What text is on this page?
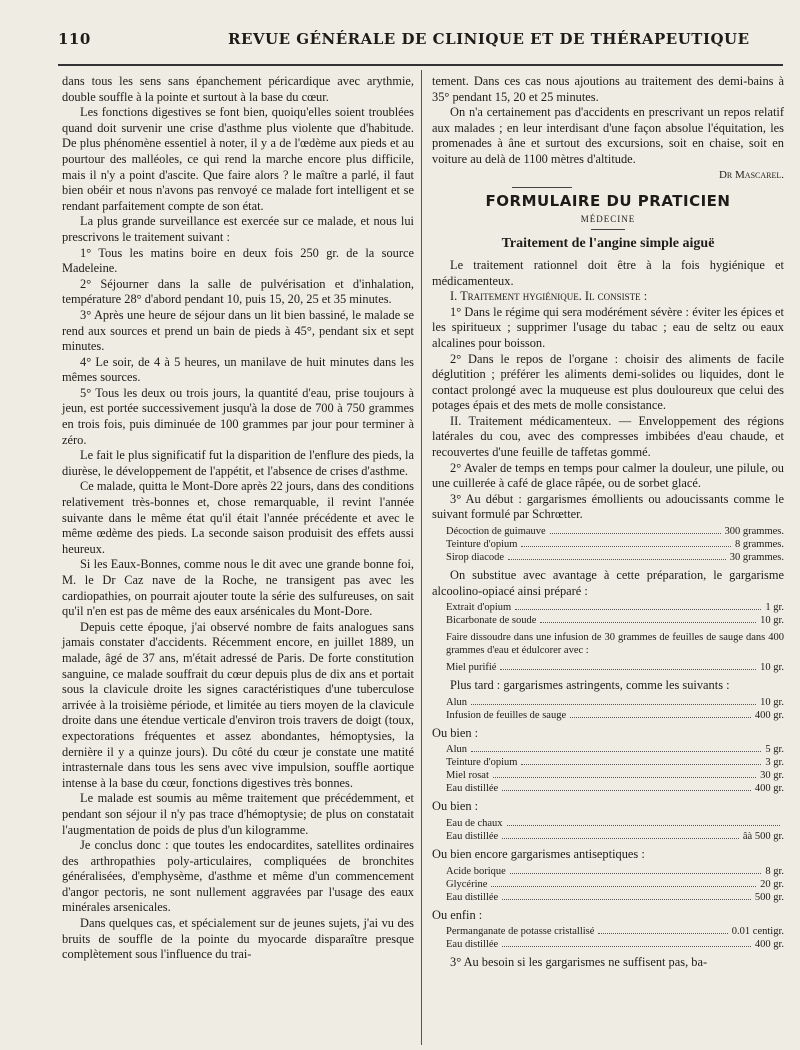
110	REVUE GÉNÉRALE DE CLINIQUE ET DE THÉRAPEUTIQUE

dans tous les sens sans épanchement péricardique avec arythmie, double souffle à la pointe et surtout à la base du cœur.

Les fonctions digestives se font bien, quoiqu'elles soient troublées quand doit survenir une crise d'asthme plus violente que d'habitude. De plus phénomène essentiel à noter, il y a de l'œdème aux pieds et au pourtour des malléoles, ce qui rend la marche encore plus difficile, mais il n'y a point d'ascite. Que faire alors ? le maître a parlé, il faut bien obéir et nous n'avons pas renvoyé ce malade fort intelligent et se rendant parfaitement compte de son état.

La plus grande surveillance est exercée sur ce malade, et nous lui prescrivons le traitement suivant :

1° Tous les matins boire en deux fois 250 gr. de la source Madeleine.

2° Séjourner dans la salle de pulvérisation et d'inhalation, température 28° d'abord pendant 10, puis 15, 20, 25 et 35 minutes.

3° Après une heure de séjour dans un lit bien bassiné, le malade se rend aux sources et prend un bain de pieds à 45°, pendant six et sept minutes.

4° Le soir, de 4 à 5 heures, un manilave de huit minutes dans les mêmes sources.

5° Tous les deux ou trois jours, la quantité d'eau, prise toujours à jeun, est portée successivement jusqu'à la dose de 700 à 750 grammes en trois fois, puis diminuée de 100 grammes par jour pour terminer à zéro.

Le fait le plus significatif fut la disparition de l'enflure des pieds, la diurèse, le développement de l'appétit, et l'absence de crises d'asthme.

Ce malade, quitta le Mont-Dore après 22 jours, dans des conditions relativement très-bonnes et, chose remarquable, il revint l'année suivante dans le même état qu'il était l'année précédente et avec le même œdème des pieds. La seconde saison produisit des effets aussi heureux.

Si les Eaux-Bonnes, comme nous le dit avec une grande bonne foi, M. le Dr Caz nave de la Roche, ne transigent pas avec les cardiopathies, on pourrait ajouter toute la série des sulfureuses, on sait qu'il n'en est pas de même des eaux arsénicales du Mont-Dore.

Depuis cette époque, j'ai observé nombre de faits analogues sans jamais constater d'accidents. Récemment encore, en juillet 1889, un malade, âgé de 37 ans, m'était adressé de Paris. De forte constitution sanguine, ce malade souffrait du cœur depuis plus de dix ans et portait sous la clavicule droite les signes caractéristiques d'une tuberculose arrivée à la troisième période, et limitée au tiers moyen de la clavicule droite dans une étendue verticale d'environ trois travers de doigt (toux, expectorations fréquentes et assez abondantes, hémoptysies, la dernière il y a quinze jours). Du côté du cœur je constate une matité intrasternale dans tous les sens avec vive impulsion, souffle aortique intense à la base du cœur, fonctions digestives très bonnes.

Le malade est soumis au même traitement que précédemment, et pendant son séjour il n'y pas trace d'hémoptysie; de plus on constatait l'augmentation de poids de plus d'un kilogramme.

Je conclus donc : que toutes les endocardites, satellites ordinaires des arthropathies poly-articulaires, compliquées de bronchites généralisées, d'emphysème, d'asthme et même d'un commencement d'angor pectoris, ne sont nullement aggravées par l'usage des eaux minérales arsenicales.

Dans quelques cas, et spécialement sur de jeunes sujets, j'ai vu des bruits de souffle de la pointe du myocarde disparaître presque complètement sous l'influence du trai-

tement. Dans ces cas nous ajoutions au traitement des demi-bains à 35° pendant 15, 20 et 25 minutes.

On n'a certainement pas d'accidents en prescrivant un repos relatif aux malades ; en leur interdisant d'une façon absolue l'équitation, les promenades à âne et surtout des excursions, soit en chaise, soit en voiture au delà de 1100 mètres d'altitude.

Dr Mascarel.

FORMULAIRE DU PRATICIEN
MÉDECINE
Traitement de l'angine simple aiguë

Le traitement rationnel doit être à la fois hygiénique et médicamenteux.

I. Traitement hygiénique. Il consiste :

1° Dans le régime qui sera modérément sévère : éviter les épices et les spiritueux ; supprimer l'usage du tabac ; eau de seltz ou eaux alcalines pour boisson.

2° Dans le repos de l'organe : choisir des aliments de facile déglutition ; préférer les aliments demi-solides ou liquides, dont le contact prolongé avec la muqueuse est plus douloureux que celui des potages épais et des mets de molle consistance.

II. Traitement médicamenteux. — Enveloppement des régions latérales du cou, avec des compresses imbibées d'eau chaude, et recouvertes d'une feuille de taffetas gommé.

2° Avaler de temps en temps pour calmer la douleur, une pilule, ou une cuillerée à café de glace râpée, ou de sorbet glacé.

3° Au début : gargarismes émollients ou adoucissants comme le suivant formulé par Schrœtter.

Décoction de guimauve	300 grammes.
Teinture d'opium	8 grammes.
Sirop diacode	30 grammes.

On substitue avec avantage à cette préparation, le gargarisme alcoolino-opiacé ainsi préparé :

Extrait d'opium	1 gr.
Bicarbonate de soude	10 gr.
Faire dissoudre dans une infusion de 30 grammes de feuilles de sauge dans 400 grammes d'eau et édulcorer avec :
Miel purifié	10 gr.

Plus tard : gargarismes astringents, comme les suivants :

Alun	10 gr.
Infusion de feuilles de sauge	400 gr.

Ou bien :

Alun	5 gr.
Teinture d'opium	3 gr.
Miel rosat	30 gr.
Eau distillée	400 gr.

Ou bien :

Eau de chaux
Eau distillée	âà 500 gr.

Ou bien encore gargarismes antiseptiques :

Acide borique	8 gr.
Glycérine	20 gr.
Eau distillée	500 gr.

Ou enfin :

Permanganate de potasse cristallisé	0.01 centigr.
Eau distillée	400 gr.

3° Au besoin si les gargarismes ne suffisent pas, ba-
